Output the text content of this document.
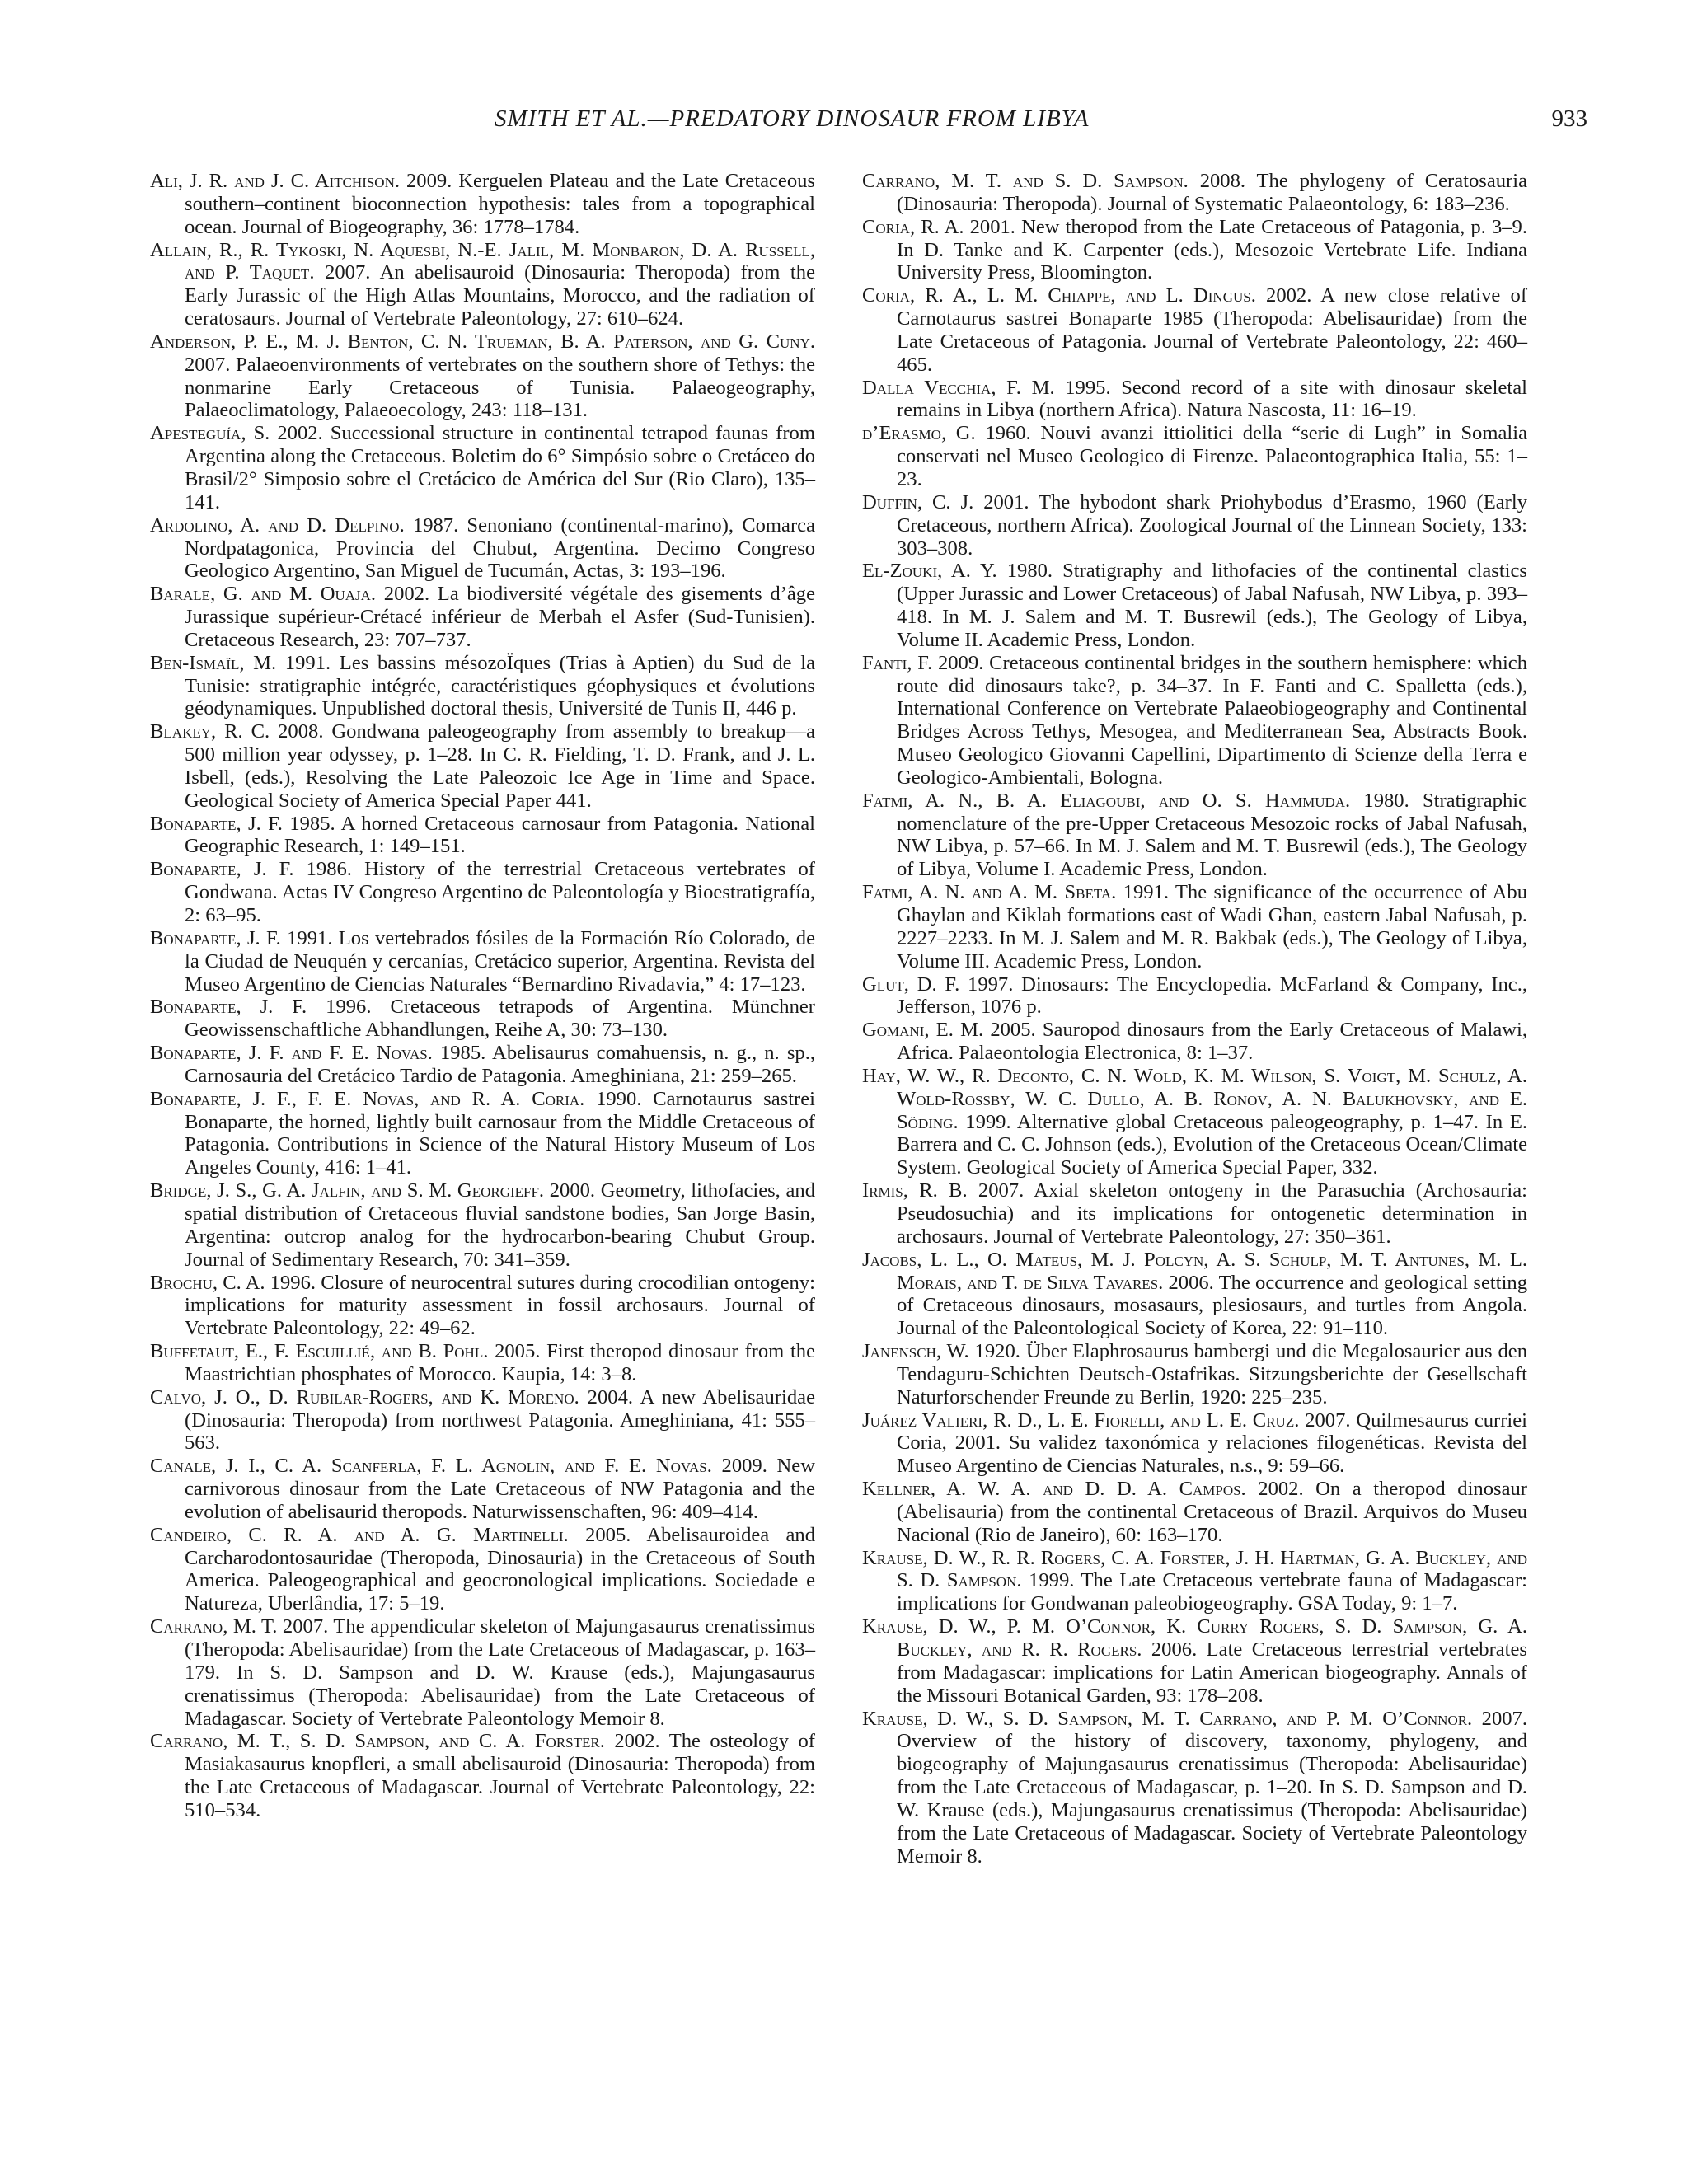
SMITH ET AL.—PREDATORY DINOSAUR FROM LIBYA	933

Ali, J. R. and J. C. Aitchison. 2009. Kerguelen Plateau and the Late Cretaceous southern–continent bioconnection hypothesis: tales from a topographical ocean. Journal of Biogeography, 36: 1778–1784.

Allain, R., R. Tykoski, N. Aquesbi, N.-E. Jalil, M. Monbaron, D. A. Russell, and P. Taquet. 2007. An abelisauroid (Dinosauria: Theropoda) from the Early Jurassic of the High Atlas Mountains, Morocco, and the radiation of ceratosaurs. Journal of Vertebrate Paleontology, 27: 610–624.

Anderson, P. E., M. J. Benton, C. N. Trueman, B. A. Paterson, and G. Cuny. 2007. Palaeoenvironments of vertebrates on the southern shore of Tethys: the nonmarine Early Cretaceous of Tunisia. Palaeogeography, Palaeoclimatology, Palaeoecology, 243: 118–131.

Apesteguía, S. 2002. Successional structure in continental tetrapod faunas from Argentina along the Cretaceous. Boletim do 6° Simpósio sobre o Cretáceo do Brasil/2° Simposio sobre el Cretácico de América del Sur (Rio Claro), 135–141.

Ardolino, A. and D. Delpino. 1987. Senoniano (continental-marino), Comarca Nordpatagonica, Provincia del Chubut, Argentina. Decimo Congreso Geologico Argentino, San Miguel de Tucumán, Actas, 3: 193–196.

Barale, G. and M. Ouaja. 2002. La biodiversité végétale des gisements d’âge Jurassique supérieur-Crétacé inférieur de Merbah el Asfer (Sud-Tunisien). Cretaceous Research, 23: 707–737.

Ben-Ismaïl, M. 1991. Les bassins mésozoÏques (Trias à Aptien) du Sud de la Tunisie: stratigraphie intégrée, caractéristiques géophysiques et évolutions géodynamiques. Unpublished doctoral thesis, Université de Tunis II, 446 p.

Blakey, R. C. 2008. Gondwana paleogeography from assembly to breakup—a 500 million year odyssey, p. 1–28. In C. R. Fielding, T. D. Frank, and J. L. Isbell, (eds.), Resolving the Late Paleozoic Ice Age in Time and Space. Geological Society of America Special Paper 441.

Bonaparte, J. F. 1985. A horned Cretaceous carnosaur from Patagonia. National Geographic Research, 1: 149–151.

Bonaparte, J. F. 1986. History of the terrestrial Cretaceous vertebrates of Gondwana. Actas IV Congreso Argentino de Paleontología y Bioestratigrafía, 2: 63–95.

Bonaparte, J. F. 1991. Los vertebrados fósiles de la Formación Río Colorado, de la Ciudad de Neuquén y cercanías, Cretácico superior, Argentina. Revista del Museo Argentino de Ciencias Naturales “Bernardino Rivadavia,” 4: 17–123.

Bonaparte, J. F. 1996. Cretaceous tetrapods of Argentina. Münchner Geowissenschaftliche Abhandlungen, Reihe A, 30: 73–130.

Bonaparte, J. F. and F. E. Novas. 1985. Abelisaurus comahuensis, n. g., n. sp., Carnosauria del Cretácico Tardio de Patagonia. Ameghiniana, 21: 259–265.

Bonaparte, J. F., F. E. Novas, and R. A. Coria. 1990. Carnotaurus sastrei Bonaparte, the horned, lightly built carnosaur from the Middle Cretaceous of Patagonia. Contributions in Science of the Natural History Museum of Los Angeles County, 416: 1–41.

Bridge, J. S., G. A. Jalfin, and S. M. Georgieff. 2000. Geometry, lithofacies, and spatial distribution of Cretaceous fluvial sandstone bodies, San Jorge Basin, Argentina: outcrop analog for the hydrocarbon-bearing Chubut Group. Journal of Sedimentary Research, 70: 341–359.

Brochu, C. A. 1996. Closure of neurocentral sutures during crocodilian ontogeny: implications for maturity assessment in fossil archosaurs. Journal of Vertebrate Paleontology, 22: 49–62.

Buffetaut, E., F. Escuillié, and B. Pohl. 2005. First theropod dinosaur from the Maastrichtian phosphates of Morocco. Kaupia, 14: 3–8.

Calvo, J. O., D. Rubilar-Rogers, and K. Moreno. 2004. A new Abelisauridae (Dinosauria: Theropoda) from northwest Patagonia. Ameghiniana, 41: 555–563.

Canale, J. I., C. A. Scanferla, F. L. Agnolin, and F. E. Novas. 2009. New carnivorous dinosaur from the Late Cretaceous of NW Patagonia and the evolution of abelisaurid theropods. Naturwissenschaften, 96: 409–414.

Candeiro, C. R. A. and A. G. Martinelli. 2005. Abelisauroidea and Carcharodontosauridae (Theropoda, Dinosauria) in the Cretaceous of South America. Paleogeographical and geocronological implications. Sociedade e Natureza, Uberlândia, 17: 5–19.

Carrano, M. T. 2007. The appendicular skeleton of Majungasaurus crenatissimus (Theropoda: Abelisauridae) from the Late Cretaceous of Madagascar, p. 163–179. In S. D. Sampson and D. W. Krause (eds.), Majungasaurus crenatissimus (Theropoda: Abelisauridae) from the Late Cretaceous of Madagascar. Society of Vertebrate Paleontology Memoir 8.

Carrano, M. T., S. D. Sampson, and C. A. Forster. 2002. The osteology of Masiakasaurus knopfleri, a small abelisauroid (Dinosauria: Theropoda) from the Late Cretaceous of Madagascar. Journal of Vertebrate Paleontology, 22: 510–534.

Carrano, M. T. and S. D. Sampson. 2008. The phylogeny of Ceratosauria (Dinosauria: Theropoda). Journal of Systematic Palaeontology, 6: 183–236.

Coria, R. A. 2001. New theropod from the Late Cretaceous of Patagonia, p. 3–9. In D. Tanke and K. Carpenter (eds.), Mesozoic Vertebrate Life. Indiana University Press, Bloomington.

Coria, R. A., L. M. Chiappe, and L. Dingus. 2002. A new close relative of Carnotaurus sastrei Bonaparte 1985 (Theropoda: Abelisauridae) from the Late Cretaceous of Patagonia. Journal of Vertebrate Paleontology, 22: 460–465.

Dalla Vecchia, F. M. 1995. Second record of a site with dinosaur skeletal remains in Libya (northern Africa). Natura Nascosta, 11: 16–19.

d’Erasmo, G. 1960. Nouvi avanzi ittiolitici della “serie di Lugh” in Somalia conservati nel Museo Geologico di Firenze. Palaeontographica Italia, 55: 1–23.

Duffin, C. J. 2001. The hybodont shark Priohybodus d’Erasmo, 1960 (Early Cretaceous, northern Africa). Zoological Journal of the Linnean Society, 133: 303–308.

El-Zouki, A. Y. 1980. Stratigraphy and lithofacies of the continental clastics (Upper Jurassic and Lower Cretaceous) of Jabal Nafusah, NW Libya, p. 393–418. In M. J. Salem and M. T. Busrewil (eds.), The Geology of Libya, Volume II. Academic Press, London.

Fanti, F. 2009. Cretaceous continental bridges in the southern hemisphere: which route did dinosaurs take?, p. 34–37. In F. Fanti and C. Spalletta (eds.), International Conference on Vertebrate Palaeobiogeography and Continental Bridges Across Tethys, Mesogea, and Mediterranean Sea, Abstracts Book. Museo Geologico Giovanni Capellini, Dipartimento di Scienze della Terra e Geologico-Ambientali, Bologna.

Fatmi, A. N., B. A. Eliagoubi, and O. S. Hammuda. 1980. Stratigraphic nomenclature of the pre-Upper Cretaceous Mesozoic rocks of Jabal Nafusah, NW Libya, p. 57–66. In M. J. Salem and M. T. Busrewil (eds.), The Geology of Libya, Volume I. Academic Press, London.

Fatmi, A. N. and A. M. Sbeta. 1991. The significance of the occurrence of Abu Ghaylan and Kiklah formations east of Wadi Ghan, eastern Jabal Nafusah, p. 2227–2233. In M. J. Salem and M. R. Bakbak (eds.), The Geology of Libya, Volume III. Academic Press, London.

Glut, D. F. 1997. Dinosaurs: The Encyclopedia. McFarland & Company, Inc., Jefferson, 1076 p.

Gomani, E. M. 2005. Sauropod dinosaurs from the Early Cretaceous of Malawi, Africa. Palaeontologia Electronica, 8: 1–37.

Hay, W. W., R. Deconto, C. N. Wold, K. M. Wilson, S. Voigt, M. Schulz, A. Wold-Rossby, W. C. Dullo, A. B. Ronov, A. N. Balukhovsky, and E. Söding. 1999. Alternative global Cretaceous paleogeography, p. 1–47. In E. Barrera and C. C. Johnson (eds.), Evolution of the Cretaceous Ocean/Climate System. Geological Society of America Special Paper, 332.

Irmis, R. B. 2007. Axial skeleton ontogeny in the Parasuchia (Archosauria: Pseudosuchia) and its implications for ontogenetic determination in archosaurs. Journal of Vertebrate Paleontology, 27: 350–361.

Jacobs, L. L., O. Mateus, M. J. Polcyn, A. S. Schulp, M. T. Antunes, M. L. Morais, and T. de Silva Tavares. 2006. The occurrence and geological setting of Cretaceous dinosaurs, mosasaurs, plesiosaurs, and turtles from Angola. Journal of the Paleontological Society of Korea, 22: 91–110.

Janensch, W. 1920. Über Elaphrosaurus bambergi und die Megalosaurier aus den Tendaguru-Schichten Deutsch-Ostafrikas. Sitzungsberichte der Gesellschaft Naturforschender Freunde zu Berlin, 1920: 225–235.

Juárez Valieri, R. D., L. E. Fiorelli, and L. E. Cruz. 2007. Quilmesaurus curriei Coria, 2001. Su validez taxonómica y relaciones filogenéticas. Revista del Museo Argentino de Ciencias Naturales, n.s., 9: 59–66.

Kellner, A. W. A. and D. D. A. Campos. 2002. On a theropod dinosaur (Abelisauria) from the continental Cretaceous of Brazil. Arquivos do Museu Nacional (Rio de Janeiro), 60: 163–170.

Krause, D. W., R. R. Rogers, C. A. Forster, J. H. Hartman, G. A. Buckley, and S. D. Sampson. 1999. The Late Cretaceous vertebrate fauna of Madagascar: implications for Gondwanan paleobiogeography. GSA Today, 9: 1–7.

Krause, D. W., P. M. O’Connor, K. Curry Rogers, S. D. Sampson, G. A. Buckley, and R. R. Rogers. 2006. Late Cretaceous terrestrial vertebrates from Madagascar: implications for Latin American biogeography. Annals of the Missouri Botanical Garden, 93: 178–208.

Krause, D. W., S. D. Sampson, M. T. Carrano, and P. M. O’Connor. 2007. Overview of the history of discovery, taxonomy, phylogeny, and biogeography of Majungasaurus crenatissimus (Theropoda: Abelisauridae) from the Late Cretaceous of Madagascar, p. 1–20. In S. D. Sampson and D. W. Krause (eds.), Majungasaurus crenatissimus (Theropoda: Abelisauridae) from the Late Cretaceous of Madagascar. Society of Vertebrate Paleontology Memoir 8.
